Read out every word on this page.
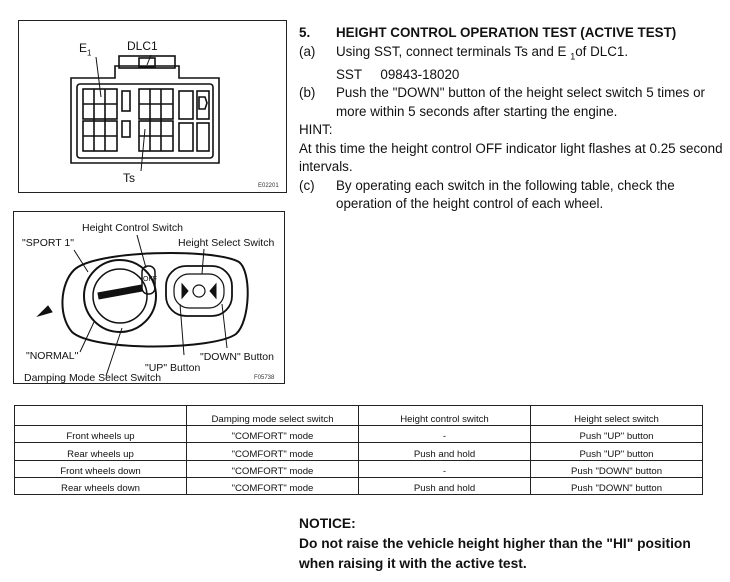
$E_1$	DLC1
Ts
E02201
Height Control Switch
"SPORT 1"	Height Select Switch
OFF
"NORMAL"	"DOWN" Button
"UP" Button
Damping Mode Select Switch	F05738
5. HEIGHT CONTROL OPERATION TEST (ACTIVE TEST)
(a) Using SST, connect terminals Ts and E $_1$of DLC1.
SST     09843-18020
(b) Push the "DOWN" button of the height select switch 5 times or more within 5 seconds after starting the engine.
HINT:
At this time the height control OFF indicator light flashes at 0.25 second intervals.
(c) By operating each switch in the following table, check the operation of the height control of each wheel.
	Damping mode select switch	Height control switch	Height select switch
Front wheels up	"COMFORT" mode	-	Push "UP" button
Rear wheels up	"COMFORT" mode	Push and hold	Push "UP" button
Front wheels down	"COMFORT" mode	-	Push "DOWN" button
Rear wheels down	"COMFORT" mode	Push and hold	Push "DOWN" button
NOTICE:
Do not raise the vehicle height higher than the "HI" position when raising it with the active test.
